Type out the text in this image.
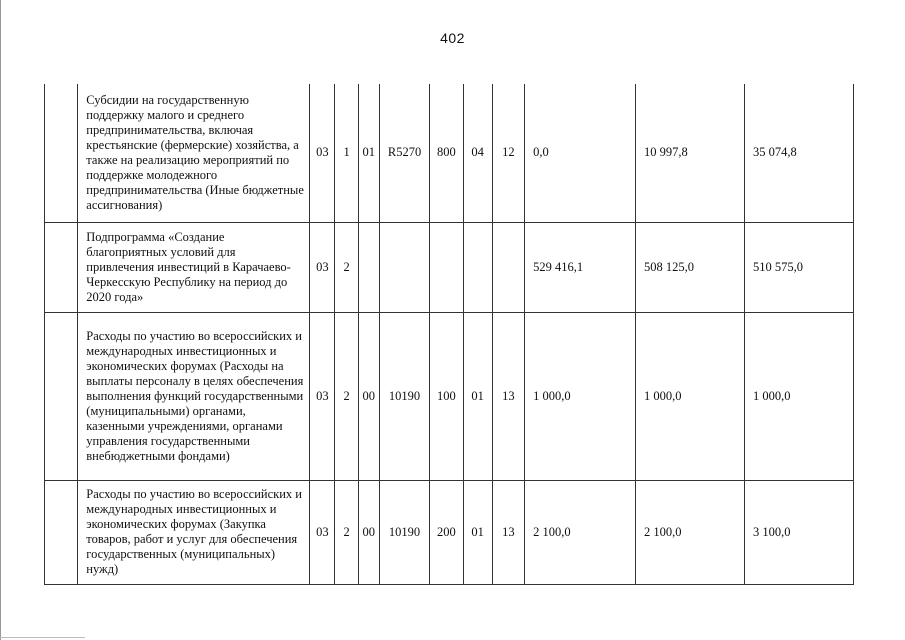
402
	Субсидии на государственную поддержку малого и среднего предпринимательства, включая крестьянские (фермерские) хозяйства, а также на реализацию мероприятий по поддержке молодежного предпринимательства (Иные бюджетные ассигнования)	03	1	01	R5270	800	04	12	0,0	10 997,8	35 074,8
	Подпрограмма «Создание благоприятных условий для привлечения инвестиций в Карачаево-Черкесскую Республику на период до 2020 года»	03	2						529 416,1	508 125,0	510 575,0
	Расходы по участию во всероссийских и международных инвестиционных и экономических форумах (Расходы на выплаты персоналу в целях обеспечения выполнения функций государственными (муниципальными) органами, казенными учреждениями, органами управления государственными внебюджетными фондами)	03	2	00	10190	100	01	13	1 000,0	1 000,0	1 000,0
	Расходы по участию во всероссийских и международных инвестиционных и экономических форумах (Закупка товаров, работ и услуг для обеспечения государственных (муниципальных) нужд)	03	2	00	10190	200	01	13	2 100,0	2 100,0	3 100,0
